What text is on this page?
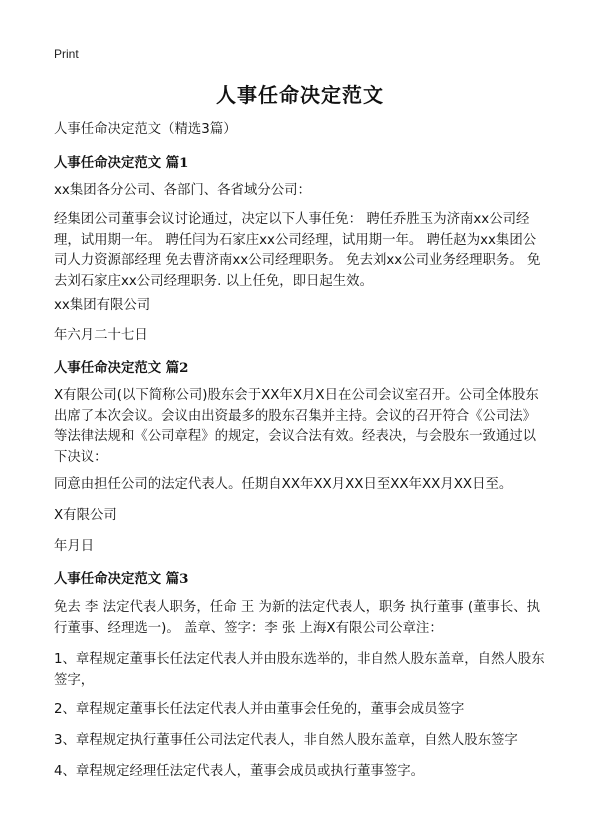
Print
人事任命决定范文
人事任命决定范文（精选3篇）
人事任命决定范文 篇1
xx集团各分公司、各部门、各省域分公司：
经集团公司董事会议讨论通过，决定以下人事任免： 聘任乔胜玉为济南xx公司经理，试用期一年。 聘任闫为石家庄xx公司经理，试用期一年。 聘任赵为xx集团公司人力资源部经理 免去曹济南xx公司经理职务。 免去刘xx公司业务经理职务。 免去刘石家庄xx公司经理职务. 以上任免，即日起生效。
xx集团有限公司
年六月二十七日
人事任命决定范文 篇2
X有限公司(以下简称公司)股东会于XX年X月X日在公司会议室召开。公司全体股东出席了本次会议。会议由出资最多的股东召集并主持。会议的召开符合《公司法》等法律法规和《公司章程》的规定，会议合法有效。经表决，与会股东一致通过以下决议：
同意由担任公司的法定代表人。任期自XX年XX月XX日至XX年XX月XX日至。
X有限公司
年月日
人事任命决定范文 篇3
免去 李 法定代表人职务，任命 王 为新的法定代表人，职务 执行董事 (董事长、执行董事、经理选一)。 盖章、签字：李 张 上海X有限公司公章注：
1、章程规定董事长任法定代表人并由股东选举的，非自然人股东盖章，自然人股东签字，
2、章程规定董事长任法定代表人并由董事会任免的，董事会成员签字
3、章程规定执行董事任公司法定代表人，非自然人股东盖章，自然人股东签字
4、章程规定经理任法定代表人，董事会成员或执行董事签字。
